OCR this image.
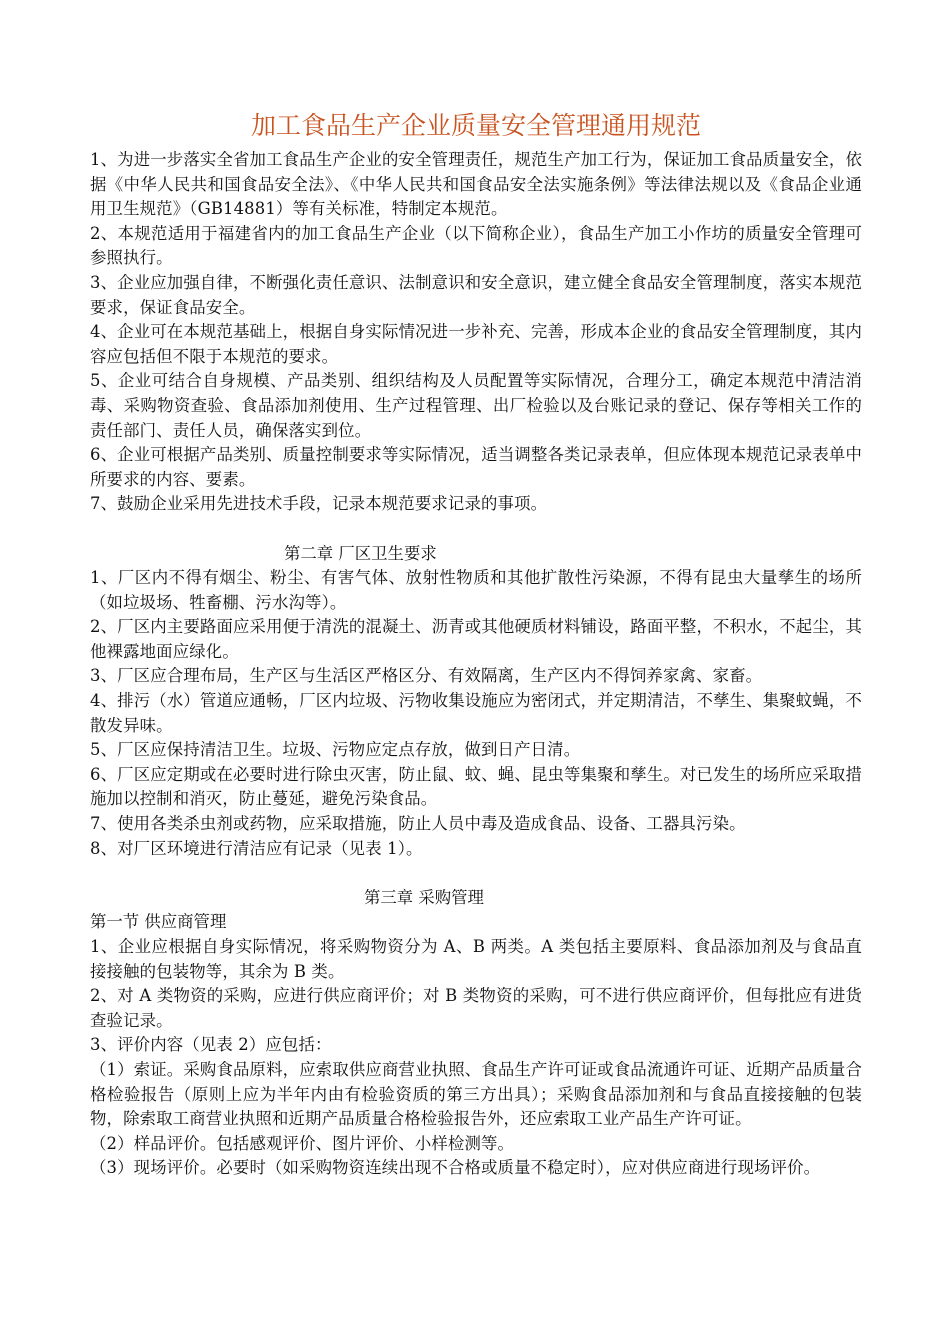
加工食品生产企业质量安全管理通用规范

1、为进一步落实全省加工食品生产企业的安全管理责任，规范生产加工行为，保证加工食品质量安全，依据《中华人民共和国食品安全法》、《中华人民共和国食品安全法实施条例》等法律法规以及《食品企业通用卫生规范》（GB14881）等有关标准，特制定本规范。

2、本规范适用于福建省内的加工食品生产企业（以下简称企业），食品生产加工小作坊的质量安全管理可参照执行。

3、企业应加强自律，不断强化责任意识、法制意识和安全意识，建立健全食品安全管理制度，落实本规范要求，保证食品安全。

4、企业可在本规范基础上，根据自身实际情况进一步补充、完善，形成本企业的食品安全管理制度，其内容应包括但不限于本规范的要求。

5、企业可结合自身规模、产品类别、组织结构及人员配置等实际情况，合理分工，确定本规范中清洁消毒、采购物资查验、食品添加剂使用、生产过程管理、出厂检验以及台账记录的登记、保存等相关工作的责任部门、责任人员，确保落实到位。

6、企业可根据产品类别、质量控制要求等实际情况，适当调整各类记录表单，但应体现本规范记录表单中所要求的内容、要素。

7、鼓励企业采用先进技术手段，记录本规范要求记录的事项。

第二章 厂区卫生要求

1、厂区内不得有烟尘、粉尘、有害气体、放射性物质和其他扩散性污染源，不得有昆虫大量孳生的场所（如垃圾场、牲畜棚、污水沟等）。

2、厂区内主要路面应采用便于清洗的混凝土、沥青或其他硬质材料铺设，路面平整，不积水，不起尘，其他裸露地面应绿化。

3、厂区应合理布局，生产区与生活区严格区分、有效隔离，生产区内不得饲养家禽、家畜。

4、排污（水）管道应通畅，厂区内垃圾、污物收集设施应为密闭式，并定期清洁，不孳生、集聚蚊蝇，不散发异味。

5、厂区应保持清洁卫生。垃圾、污物应定点存放，做到日产日清。

6、厂区应定期或在必要时进行除虫灭害，防止鼠、蚊、蝇、昆虫等集聚和孳生。对已发生的场所应采取措施加以控制和消灭，防止蔓延，避免污染食品。

7、使用各类杀虫剂或药物，应采取措施，防止人员中毒及造成食品、设备、工器具污染。

8、对厂区环境进行清洁应有记录（见表 1）。

第三章 采购管理

第一节 供应商管理

1、企业应根据自身实际情况，将采购物资分为 A、B 两类。A 类包括主要原料、食品添加剂及与食品直接接触的包装物等，其余为 B 类。

2、对 A 类物资的采购，应进行供应商评价；对 B 类物资的采购，可不进行供应商评价，但每批应有进货查验记录。

3、评价内容（见表 2）应包括：

（1）索证。采购食品原料，应索取供应商营业执照、食品生产许可证或食品流通许可证、近期产品质量合格检验报告（原则上应为半年内由有检验资质的第三方出具）；采购食品添加剂和与食品直接接触的包装物，除索取工商营业执照和近期产品质量合格检验报告外，还应索取工业产品生产许可证。

（2）样品评价。包括感观评价、图片评价、小样检测等。

（3）现场评价。必要时（如采购物资连续出现不合格或质量不稳定时），应对供应商进行现场评价。
